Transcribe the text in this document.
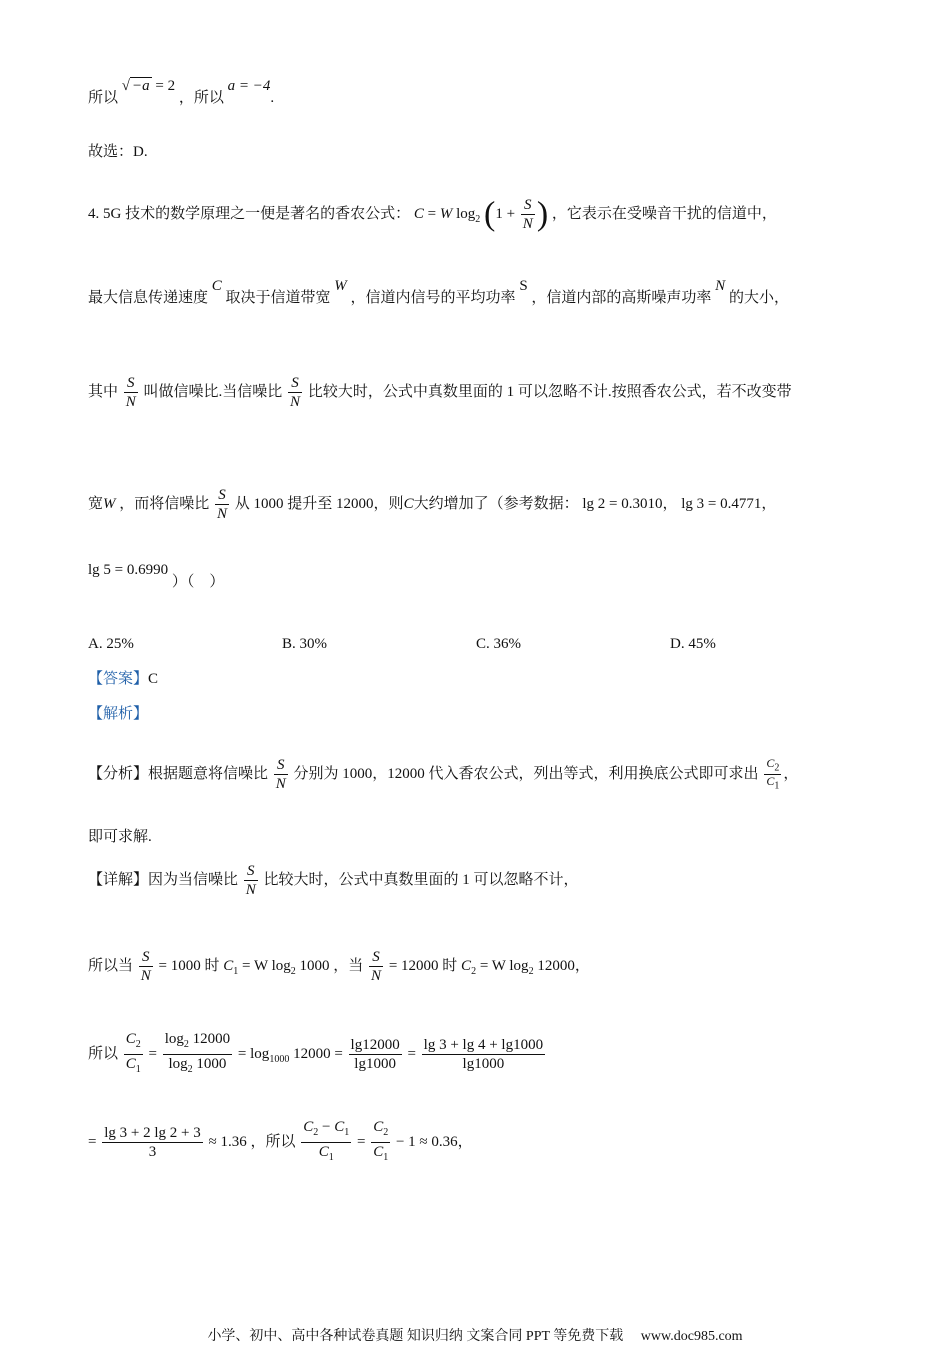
所以 √ −a = 2 ，所以 a = −4.
故选：D.
4. 5G 技术的数学原理之一便是著名的香农公式： C = W $\log_2 (1 + \frac{S}{N}$ ) ，它表示在受噪音干扰的信道中，
最大信息传递速度 C 取决于信道带宽 W ，信道内信号的平均功率 S ，信道内部的高斯噪声功率 N 的大小，
其中 $\frac{S}{N}$ 叫做信噪比.当信噪比 $\frac{S}{N}$ 比较大时，公式中真数里面的 1 可以忽略不计.按照香农公式，若不改变带
宽W ，而将信噪比 $\frac{S}{N}$ 从 1000 提升至 12000，则C大约增加了（参考数据： lg 2 = 0.3010， lg 3 = 0.4771，
lg 5 = 0.6990 ）（　）
A. 25%	B. 30%	C. 36%	D. 45%
【答案】C
【解析】
【分析】根据题意将信噪比 $\frac{S}{N}$ 分别为 1000，12000 代入香农公式，列出等式，利用换底公式即可求出 $\frac{C_2}{C_1}$ ，
即可求解.
【详解】因为当信噪比 $\frac{S}{N}$ 比较大时，公式中真数里面的 1 可以忽略不计，
所以当 $\frac{S}{N} = 1000$ 时 $C_1 = W$ $\log_2 1000$ ，当 $\frac{S}{N} = 12000$ 时 $C_2 = W$ $\log_2 12000$，
所以 $\frac{C_2}{C_1} = \frac{\log_2 12000}{\log_2 1000} = \log_{1000} 12000 = \frac{\lg 12000}{\lg 1000} = \frac{\lg 3 + \lg 4 + \lg 1000}{\lg 1000}$
= $\frac{\lg 3 + 2 \lg 2 + 3}{3} \approx 1.36$ ，所以 $\frac{C_2 - C_1}{C_1} = \frac{C_2}{C_1} - 1 \approx 0.36$，
小学、初中、高中各种试卷真题 知识归纳 文案合同 PPT 等免费下载 　www.doc985.com
